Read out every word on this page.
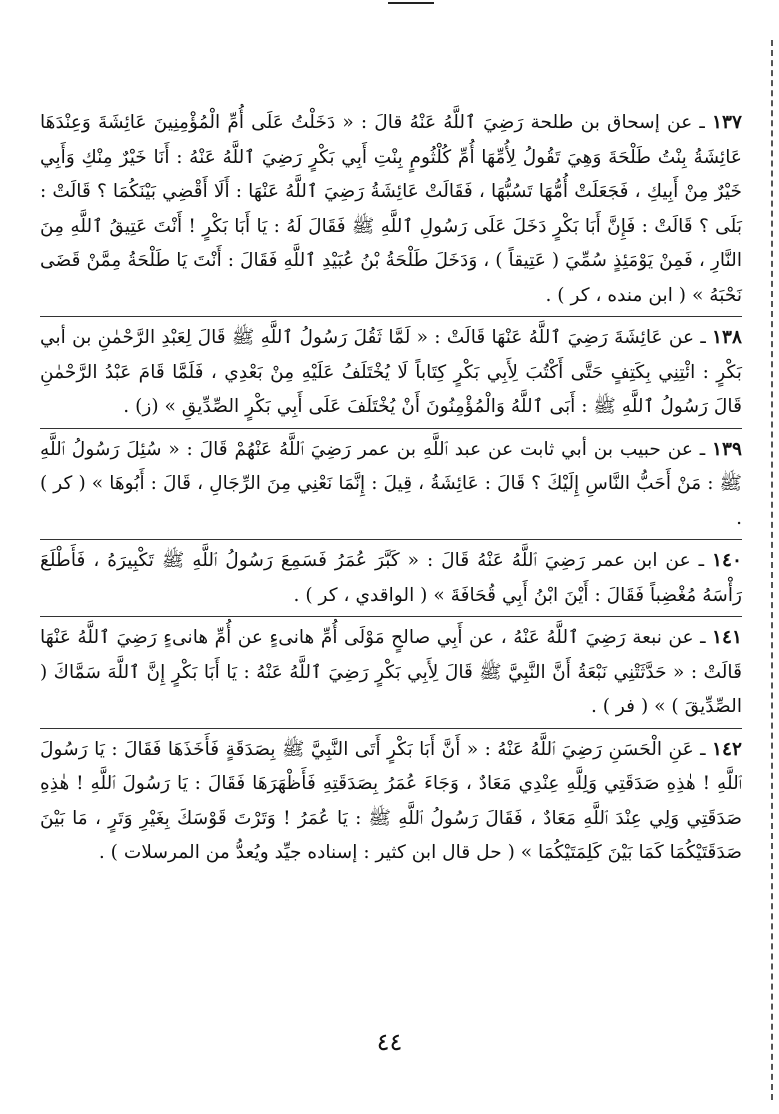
١٣٧ ـ عن إسحاق بن طلحة رَضِيَ ٱللَّهُ عَنْهُ قالَ : « دَخَلْتُ عَلَى أُمِّ الْمُؤْمِنِينَ عَائِشَةَ وَعِنْدَهَا عَائِشَةُ بِنْتُ طَلْحَةَ وَهِيَ تَقُولُ لِأُمِّهَا أُمِّ كُلْثُومٍ بِنْتِ أَبِي بَكْرٍ رَضِيَ ٱللَّهُ عَنْهُ : أَنَا خَيْرٌ مِنْكِ وَأَبِي خَيْرٌ مِنْ أَبِيكِ ، فَجَعَلَتْ أُمُّهَا تَسُبُّهَا ، فَقَالَتْ عَائِشَةُ رَضِيَ ٱللَّهُ عَنْهَا : أَلَا أَقْضِي بَيْنَكُمَا ؟ قَالَتْ : بَلَى ؟ قَالَتْ : فَإِنَّ أَبَا بَكْرٍ دَخَلَ عَلَى رَسُولِ ٱللَّهِ ﷺ فَقَالَ لَهُ : يَا أَبَا بَكْرٍ ! أَنْتَ عَتِيقُ ٱللَّهِ مِنَ النَّارِ ، فَمِنْ يَوْمَئِذٍ سُمِّيَ ( عَتِيقاً ) ، وَدَخَلَ طَلْحَةُ بْنُ عُبَيْدِ ٱللَّهِ فَقَالَ : أَنْتَ يَا طَلْحَةُ مِمَّنْ قَضَى نَحْبَهُ » ( ابن منده ، كر ) .

١٣٨ ـ عن عَائِشَةَ رَضِيَ ٱللَّهُ عَنْهَا قَالَتْ : « لَمَّا ثَقُلَ رَسُولُ ٱللَّهِ ﷺ قَالَ لِعَبْدِ الرَّحْمٰنِ بن أبي بَكْرٍ : ائْتِنِي بِكَتِفٍ حَتَّى أَكْتُبَ لِأَبِي بَكْرٍ كِتَاباً لَا يُخْتَلَفُ عَلَيْهِ مِنْ بَعْدِي ، فَلَمَّا قَامَ عَبْدُ الرَّحْمٰنِ قَالَ رَسُولُ ٱللَّهِ ﷺ : أَبَى ٱللَّهُ وَالْمُؤْمِنُونَ أَنْ يُخْتَلَفَ عَلَى أَبِي بَكْرٍ الصِّدِّيقِ » (ز) .

١٣٩ ـ عن حبيب بن أبي ثابت عن عبد ٱللَّهِ بن عمر رَضِيَ ٱللَّهُ عَنْهُمْ قَالَ : « سُئِلَ رَسُولُ ٱللَّهِ ﷺ : مَنْ أَحَبُّ النَّاسِ إِلَيْكَ ؟ قَالَ : عَائِشَةُ ، قِيلَ : إِنَّمَا نَعْنِي مِنَ الرِّجَالِ ، قَالَ : أَبُوهَا » ( كر ) .

١٤٠ ـ عن ابن عمر رَضِيَ ٱللَّهُ عَنْهُ قَالَ : « كَبَّرَ عُمَرُ فَسَمِعَ رَسُولُ ٱللَّهِ ﷺ تَكْبِيرَهُ ، فَأَطْلَعَ رَأْسَهُ مُغْضِباً فَقَالَ : أَيْنَ ابْنُ أَبِي قُحَافَةَ » ( الواقدي ، كر ) .

١٤١ ـ عن نبعة رَضِيَ ٱللَّهُ عَنْهُ ، عن أَبِي صالحٍ مَوْلَى أُمِّ هانىءٍ عن أُمِّ هانىءٍ رَضِيَ ٱللَّهُ عَنْهَا قَالَتْ : « حَدَّثَتْنِي نَبْعَةُ أَنَّ النَّبِيَّ ﷺ قَالَ لِأَبِي بَكْرٍ رَضِيَ ٱللَّهُ عَنْهُ : يَا أَبَا بَكْرٍ إِنَّ ٱللَّهَ سَمَّاكَ ( الصِّدِّيقَ ) » ( فر ) .

١٤٢ ـ عَنِ الْحَسَنِ رَضِيَ ٱللَّهُ عَنْهُ : « أَنَّ أَبَا بَكْرٍ أَتَى النَّبِيَّ ﷺ بِصَدَقَةٍ فَأَخَذَهَا فَقَالَ : يَا رَسُولَ ٱللَّهِ ! هٰذِهِ صَدَقَتِي وَلِلَّهِ عِنْدِي مَعَادٌ ، وَجَاءَ عُمَرُ بِصَدَقَتِهِ فَأَظْهَرَهَا فَقَالَ : يَا رَسُولَ ٱللَّهِ ! هٰذِهِ صَدَقَتِي وَلِي عِنْدَ ٱللَّهِ مَعَادٌ ، فَقَالَ رَسُولُ ٱللَّهِ ﷺ : يَا عُمَرُ ! وَتَرْتَ قَوْسَكَ بِغَيْرِ وَتَرٍ ، مَا بَيْنَ صَدَقَتَيْكُمَا كَمَا بَيْنَ كَلِمَتَيْكُمَا » ( حل قال ابن كثير : إسناده جيِّد ويُعدُّ من المرسلات ) .

٤٤
